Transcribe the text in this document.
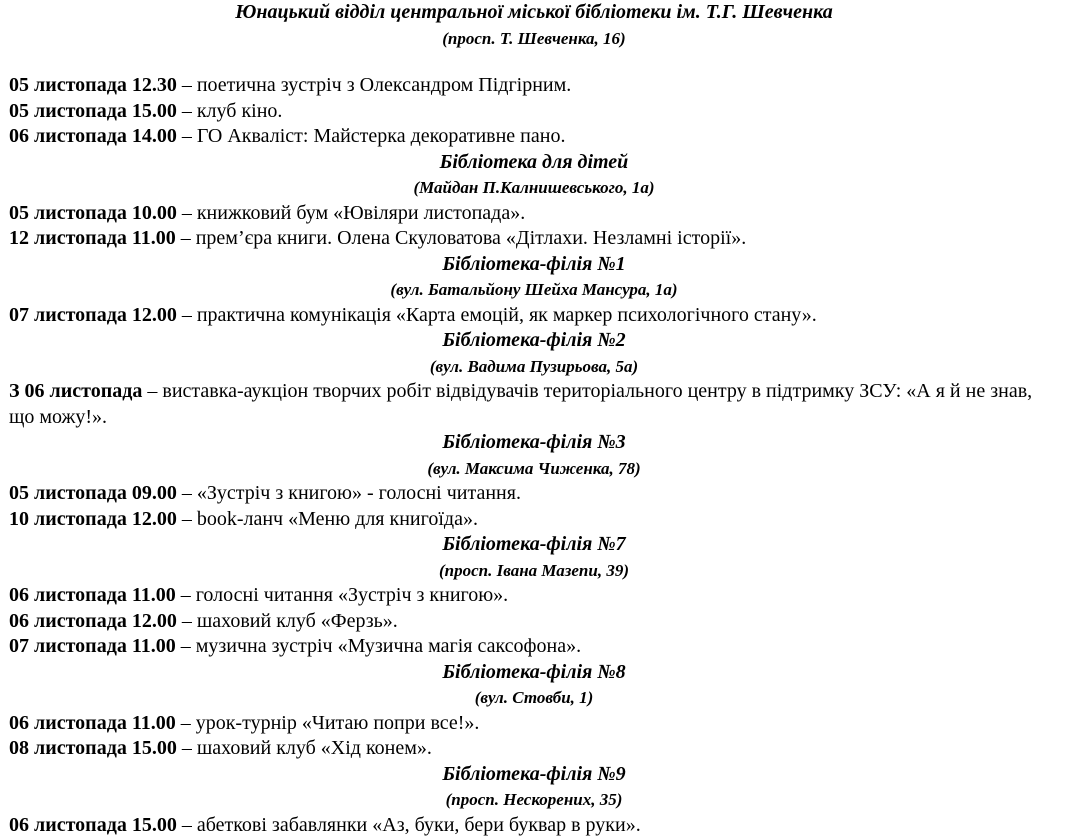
Юнацький відділ центральної міської бібліотеки ім. Т.Г. Шевченка
(просп. Т. Шевченка, 16)
05 листопада 12.30 – поетична зустріч з Олександром Підгірним.
05 листопада 15.00 – клуб кіно.
06 листопада 14.00 – ГО Акваліст: Майстерка декоративне пано.
Бібліотека для дітей
(Майдан П.Калнишевського, 1а)
05 листопада 10.00 – книжковий бум «Ювіляри листопада».
12 листопада 11.00 – прем’єра книги. Олена Скуловатова «Дітлахи. Незламні історії».
Бібліотека-філія №1
(вул. Батальйону Шейха Мансура, 1а)
07 листопада 12.00 – практична комунікація «Карта емоцій, як маркер психологічного стану».
Бібліотека-філія №2
(вул. Вадима Пузирьова, 5а)
З 06 листопада – виставка-аукціон творчих робіт відвідувачів територіального центру в підтримку ЗСУ: «А я й не знав, що можу!».
Бібліотека-філія №3
(вул. Максима Чиженка, 78)
05 листопада 09.00 – «Зустріч з книгою» - голосні читання.
10 листопада 12.00 – book-ланч «Меню для книгоїда».
Бібліотека-філія №7
(просп. Івана Мазепи, 39)
06 листопада 11.00 – голосні читання «Зустріч з книгою».
06 листопада 12.00 – шаховий клуб «Ферзь».
07 листопада 11.00 – музична зустріч «Музична магія саксофона».
Бібліотека-філія №8
(вул. Стовби, 1)
06 листопада 11.00 – урок-турнір «Читаю попри все!».
08 листопада 15.00 – шаховий клуб «Хід конем».
Бібліотека-філія №9
(просп. Нескорених, 35)
06 листопада 15.00 – абеткові забавлянки «Аз, буки, бери буквар в руки».
